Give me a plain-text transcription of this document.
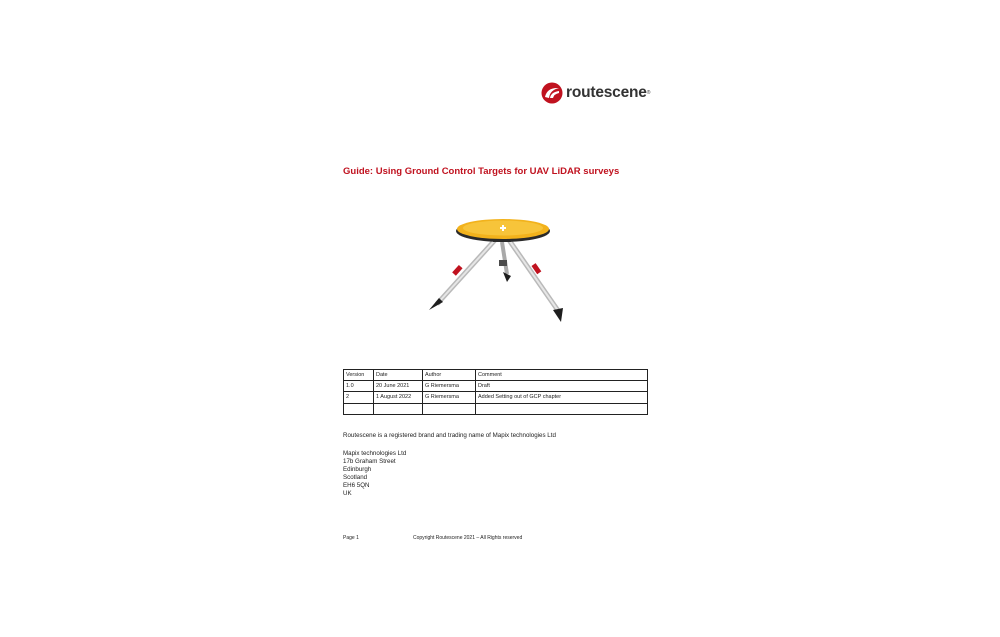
routescene ®
Guide: Using Ground Control Targets for UAV LiDAR surveys
Version	Date	Author	Comment
1.0	20 June 2021	G Riemersma	Draft
2	1 August 2022	G Riemersma	Added Setting out of GCP chapter

Routescene is a registered brand and trading name of Mapix technologies Ltd
Mapix technologies Ltd
17b Graham Street
Edinburgh
Scotland
EH6 5QN
UK
Page 1	Copyright Routescene 2021 – All Rights reserved
